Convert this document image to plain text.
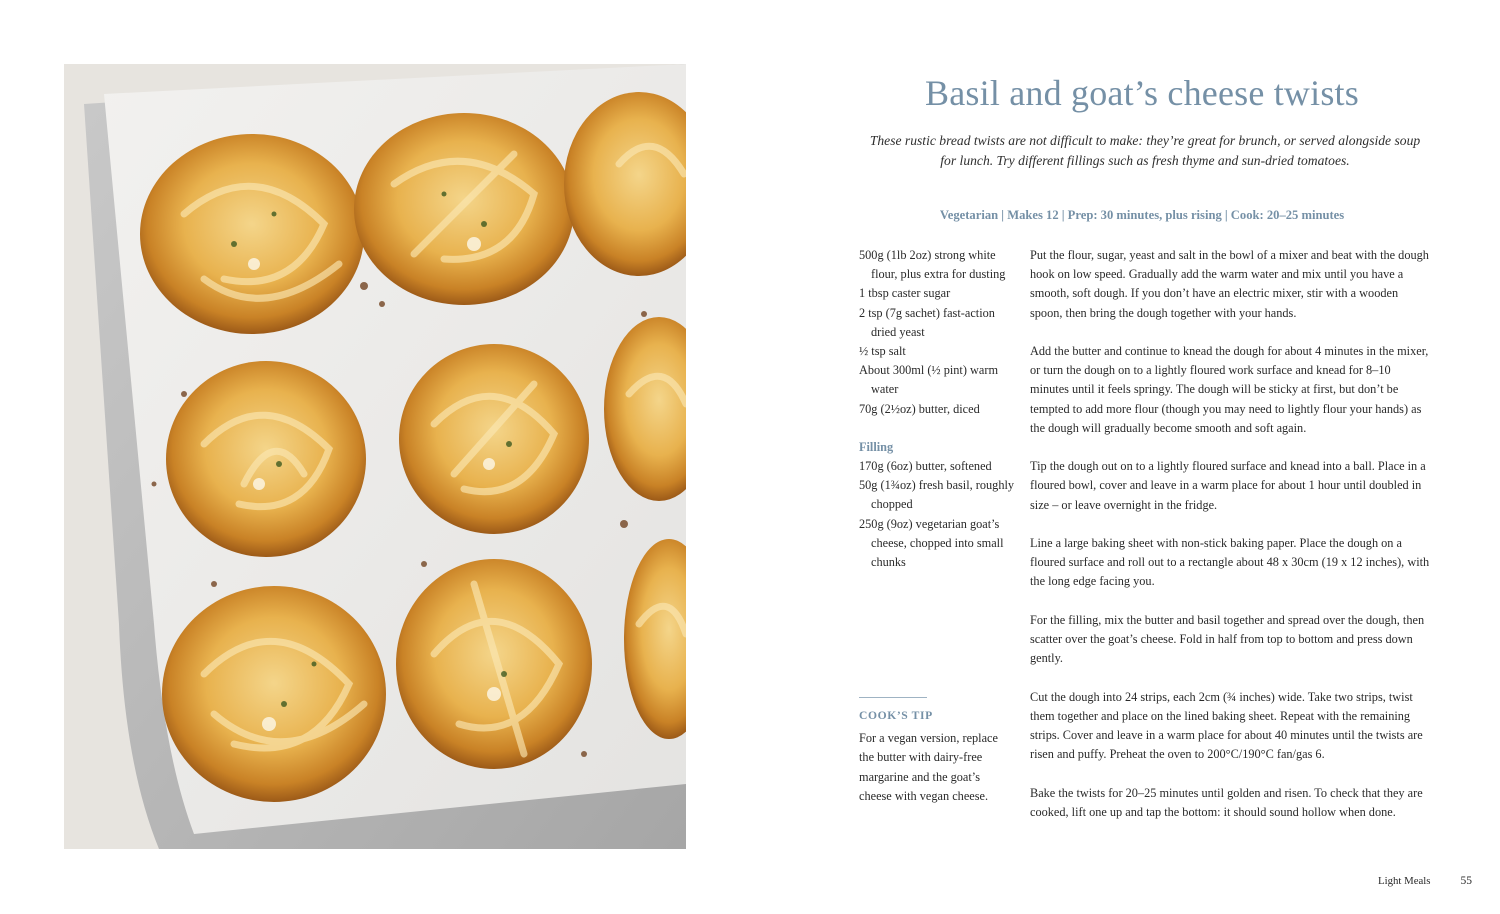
Basil and goat’s cheese twists
These rustic bread twists are not difficult to make: they’re great for brunch, or served alongside soup for lunch. Try different fillings such as fresh thyme and sun-dried tomatoes.
Vegetarian | Makes 12 | Prep: 30 minutes, plus rising | Cook: 20–25 minutes
500g (1lb 2oz) strong white flour, plus extra for dusting
1 tbsp caster sugar
2 tsp (7g sachet) fast-action dried yeast
½ tsp salt
About 300ml (½ pint) warm water
70g (2½oz) butter, diced
Filling
170g (6oz) butter, softened
50g (1¾oz) fresh basil, roughly chopped
250g (9oz) vegetarian goat’s cheese, chopped into small chunks

Put the flour, sugar, yeast and salt in the bowl of a mixer and beat with the dough hook on low speed. Gradually add the warm water and mix until you have a smooth, soft dough. If you don’t have an electric mixer, stir with a wooden spoon, then bring the dough together with your hands.

Add the butter and continue to knead the dough for about 4 minutes in the mixer, or turn the dough on to a lightly floured work surface and knead for 8–10 minutes until it feels springy. The dough will be sticky at first, but don’t be tempted to add more flour (though you may need to lightly flour your hands) as the dough will gradually become smooth and soft again.

Tip the dough out on to a lightly floured surface and knead into a ball. Place in a floured bowl, cover and leave in a warm place for about 1 hour until doubled in size – or leave overnight in the fridge.

Line a large baking sheet with non-stick baking paper. Place the dough on a floured surface and roll out to a rectangle about 48 x 30cm (19 x 12 inches), with the long edge facing you.

For the filling, mix the butter and basil together and spread over the dough, then scatter over the goat’s cheese. Fold in half from top to bottom and press down gently.

Cut the dough into 24 strips, each 2cm (¾ inches) wide. Take two strips, twist them together and place on the lined baking sheet. Repeat with the remaining strips. Cover and leave in a warm place for about 40 minutes until the twists are risen and puffy. Preheat the oven to 200°C/190°C fan/gas 6.

Bake the twists for 20–25 minutes until golden and risen. To check that they are cooked, lift one up and tap the bottom: it should sound hollow when done.

COOK’S TIP
For a vegan version, replace the butter with dairy-free margarine and the goat’s cheese with vegan cheese.
Light Meals	55
